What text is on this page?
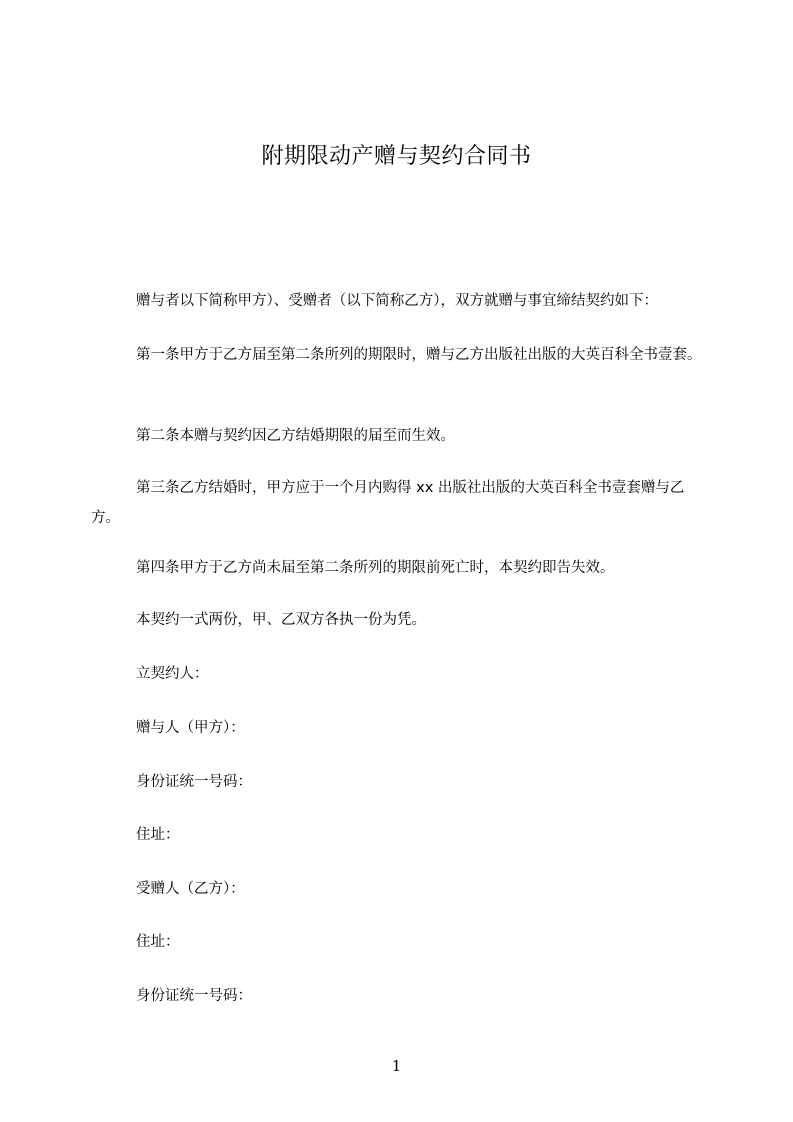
附期限动产赠与契约合同书
赠与者以下简称甲方）、受赠者（以下简称乙方），双方就赠与事宜缔结契约如下：
第一条甲方于乙方届至第二条所列的期限时，赠与乙方出版社出版的大英百科全书壹套。
第二条本赠与契约因乙方结婚期限的届至而生效。
第三条乙方结婚时，甲方应于一个月内购得 xx 出版社出版的大英百科全书壹套赠与乙方。
第四条甲方于乙方尚未届至第二条所列的期限前死亡时，本契约即告失效。
本契约一式两份，甲、乙双方各执一份为凭。
立契约人：
赠与人（甲方）：
身份证统一号码：
住址：
受赠人（乙方）：
住址：
身份证统一号码：
1
